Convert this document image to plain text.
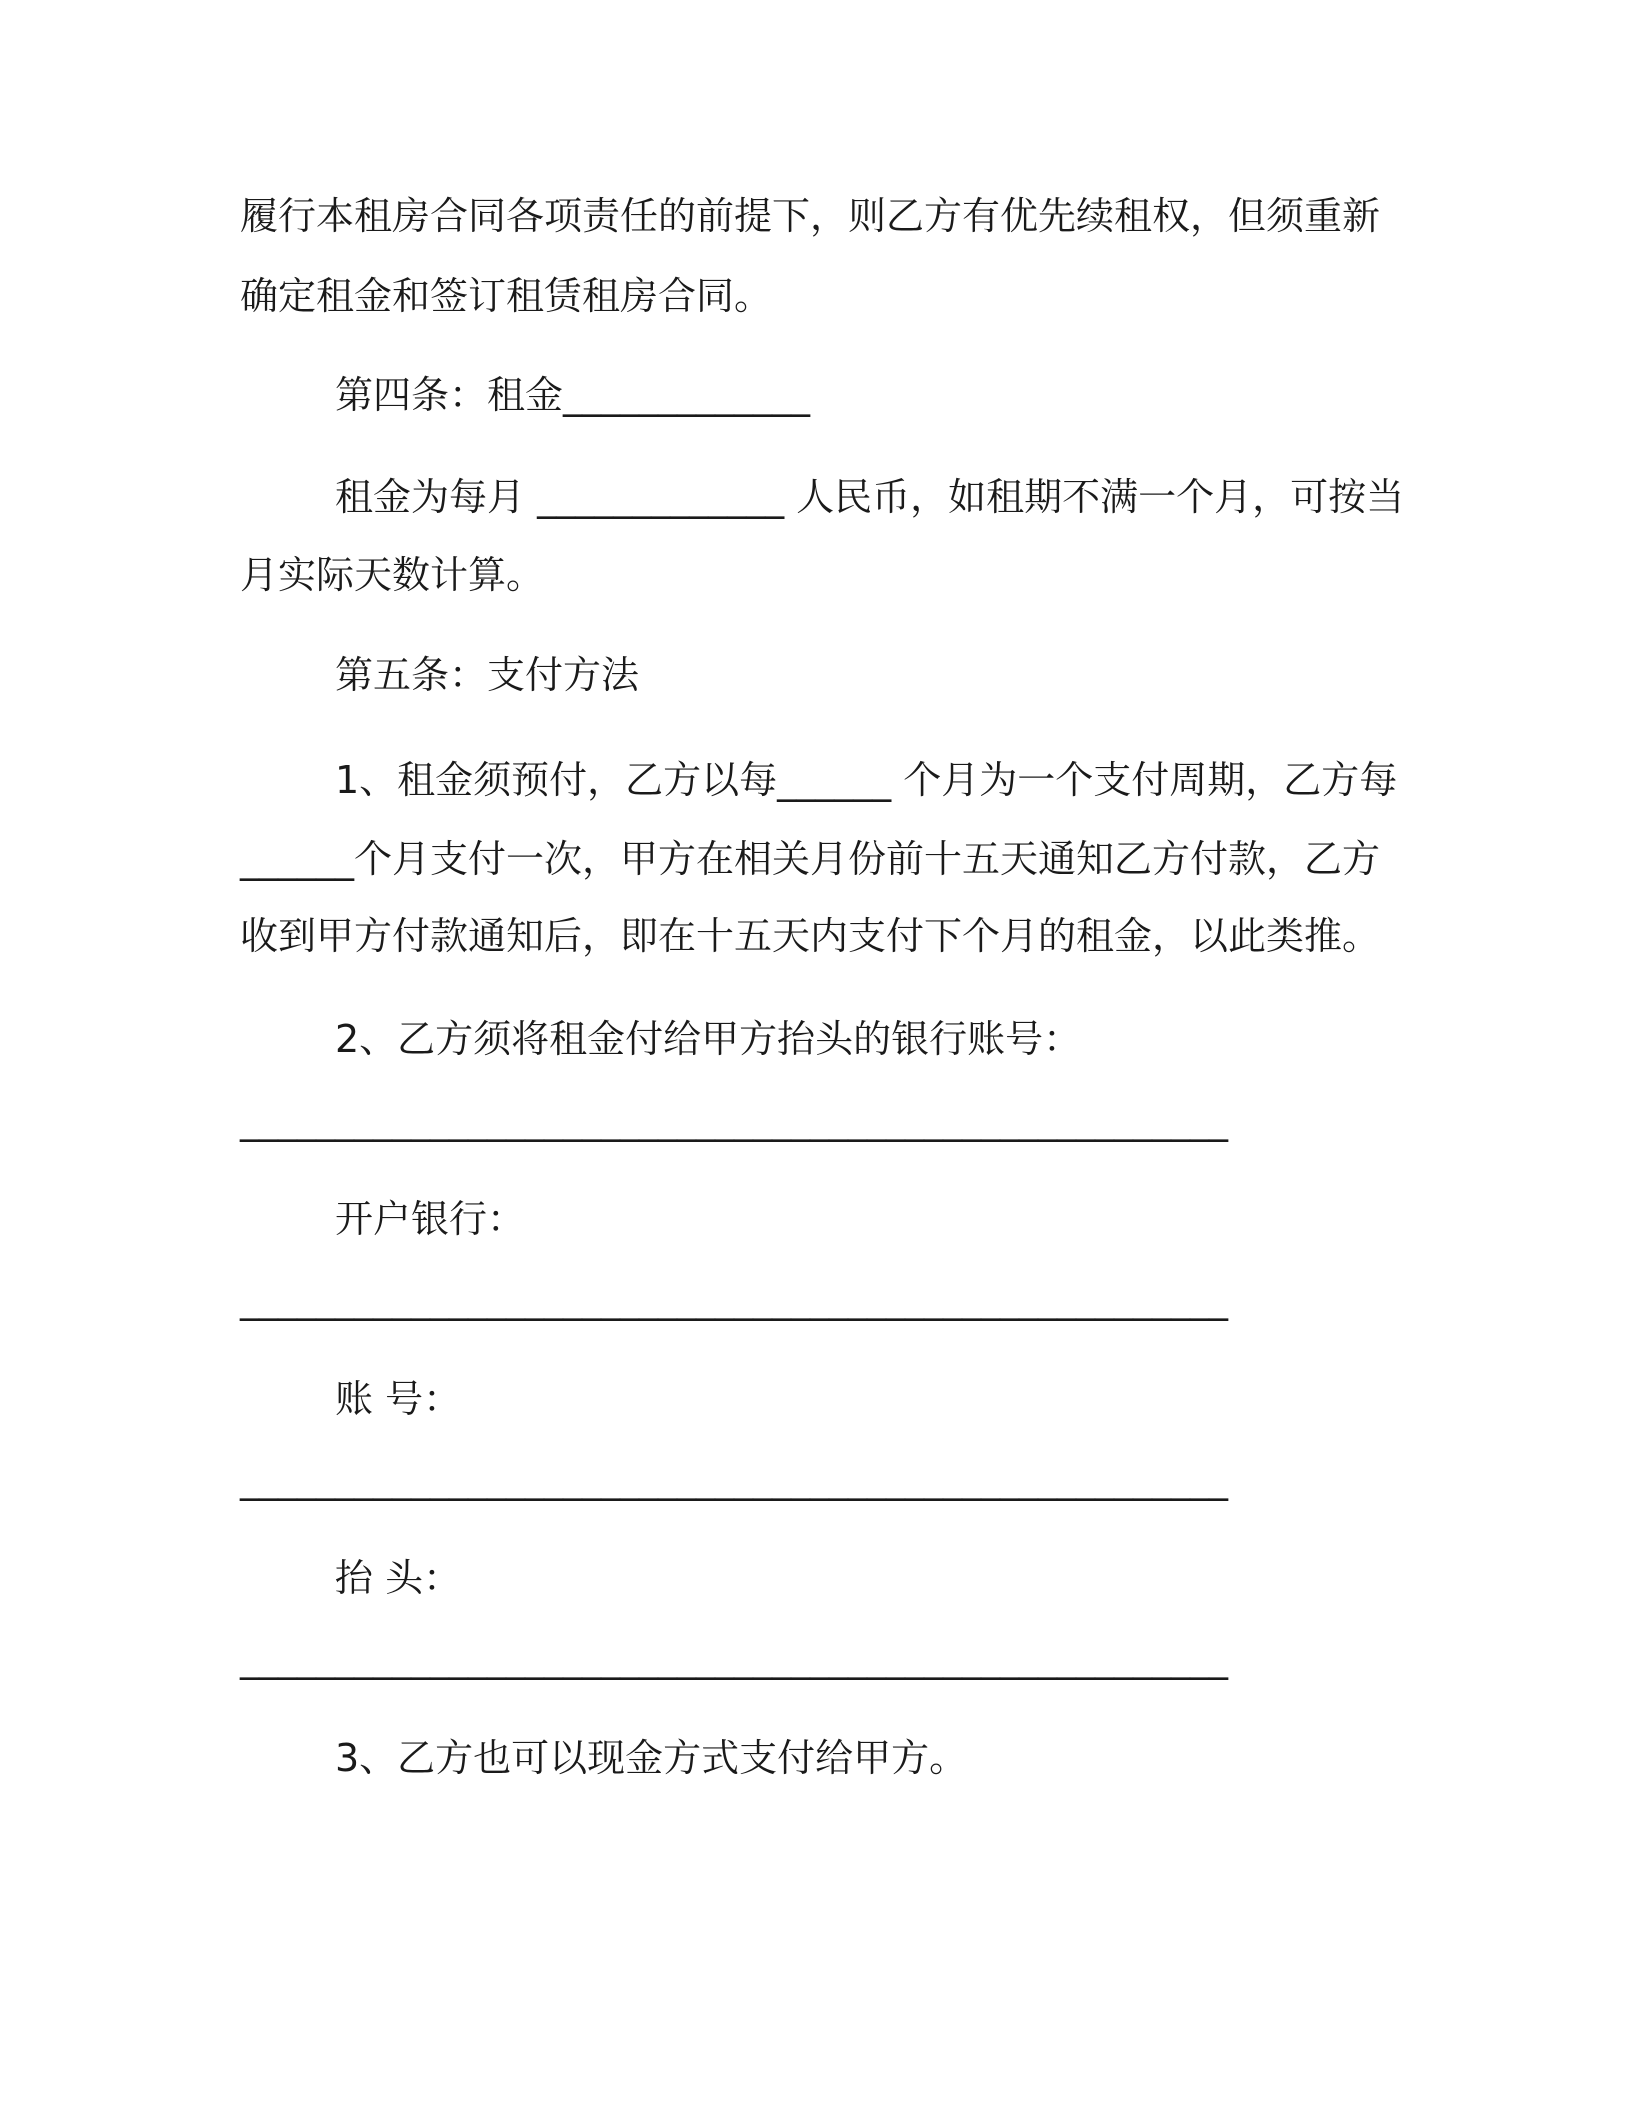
履行本租房合同各项责任的前提下，则乙方有优先续租权，但须重新
确定租金和签订租赁租房合同。
第四条：租金_____________
租金为每月 _____________ 人民币，如租期不满一个月，可按当
月实际天数计算。
第五条：支付方法
1、租金须预付，乙方以每______ 个月为一个支付周期，乙方每
______个月支付一次，甲方在相关月份前十五天通知乙方付款，乙方
收到甲方付款通知后，即在十五天内支付下个月的租金，以此类推。
2、乙方须将租金付给甲方抬头的银行账号：
____________________________________________________
开户银行：
____________________________________________________
账 号：
____________________________________________________
抬 头：
____________________________________________________
3、乙方也可以现金方式支付给甲方。
